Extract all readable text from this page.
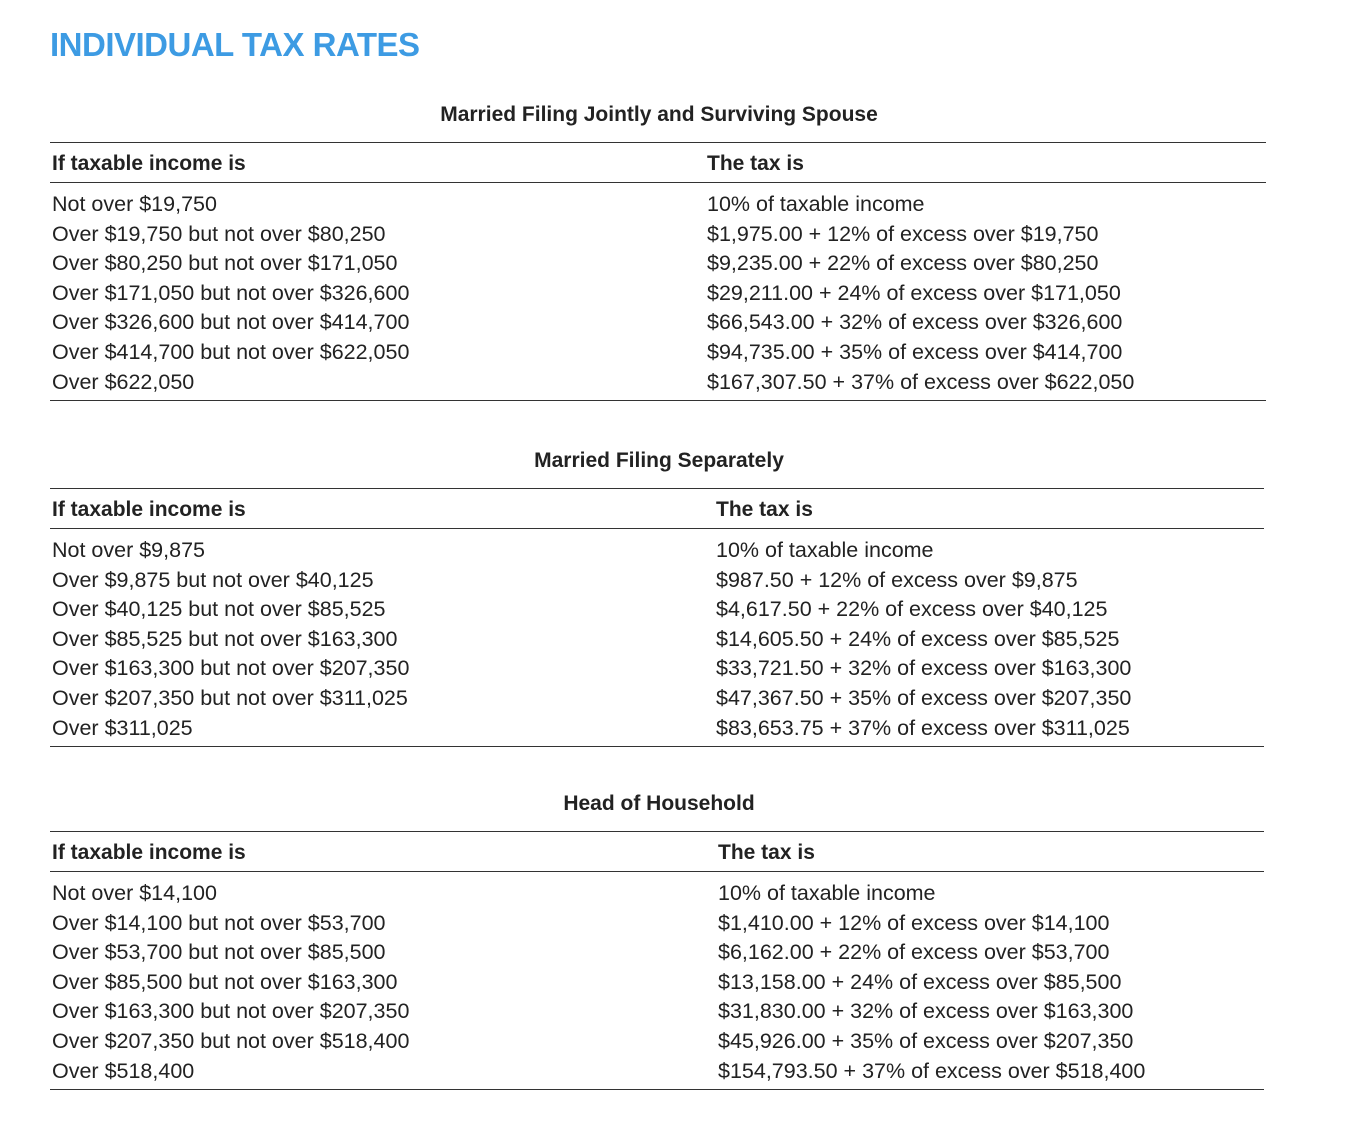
INDIVIDUAL TAX RATES
Married Filing Jointly and Surviving Spouse
If taxable income is	The tax is
Not over $19,750	10% of taxable income
Over $19,750 but not over $80,250	$1,975.00 + 12% of excess over $19,750
Over $80,250 but not over $171,050	$9,235.00 + 22% of excess over $80,250
Over $171,050 but not over $326,600	$29,211.00 + 24% of excess over $171,050
Over $326,600 but not over $414,700	$66,543.00 + 32% of excess over $326,600
Over $414,700 but not over $622,050	$94,735.00 + 35% of excess over $414,700
Over $622,050	$167,307.50 + 37% of excess over $622,050
Married Filing Separately
If taxable income is	The tax is
Not over $9,875	10% of taxable income
Over $9,875 but not over $40,125	$987.50 + 12% of excess over $9,875
Over $40,125 but not over $85,525	$4,617.50 + 22% of excess over $40,125
Over $85,525 but not over $163,300	$14,605.50 + 24% of excess over $85,525
Over $163,300 but not over $207,350	$33,721.50 + 32% of excess over $163,300
Over $207,350 but not over $311,025	$47,367.50 + 35% of excess over $207,350
Over $311,025	$83,653.75 + 37% of excess over $311,025
Head of Household
If taxable income is	The tax is
Not over $14,100	10% of taxable income
Over $14,100 but not over $53,700	$1,410.00 + 12% of excess over $14,100
Over $53,700 but not over $85,500	$6,162.00 + 22% of excess over $53,700
Over $85,500 but not over $163,300	$13,158.00 + 24% of excess over $85,500
Over $163,300 but not over $207,350	$31,830.00 + 32% of excess over $163,300
Over $207,350 but not over $518,400	$45,926.00 + 35% of excess over $207,350
Over $518,400	$154,793.50 + 37% of excess over $518,400
